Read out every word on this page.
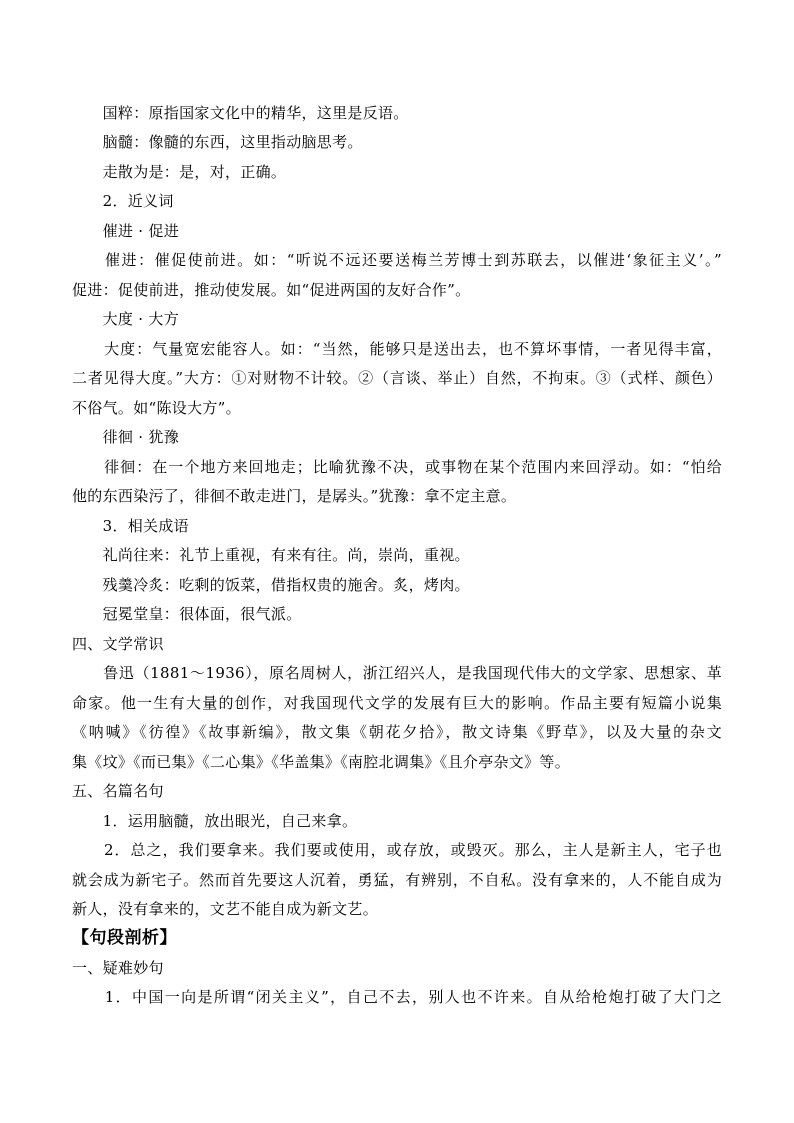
　　国粹：原指国家文化中的精华，这里是反语。
　　脑髓：像髓的东西，这里指动脑思考。
　　走散为是：是，对，正确。
　　2．近义词
　　催进 · 促进
　　催进：催促使前进。如：“听说不远还要送梅兰芳博士到苏联去，以催进‘象征主义’。”
促进：促使前进，推动使发展。如“促进两国的友好合作”。
　　大度 · 大方
　　大度：气量宽宏能容人。如：“当然，能够只是送出去，也不算坏事情，一者见得丰富，
二者见得大度。”大方：①对财物不计较。②（言谈、举止）自然，不拘束。③（式样、颜色）
不俗气。如“陈设大方”。
　　徘徊 · 犹豫
　　徘徊：在一个地方来回地走；比喻犹豫不决，或事物在某个范围内来回浮动。如：“怕给
他的东西染污了，徘徊不敢走进门，是孱头。”犹豫：拿不定主意。
　　3．相关成语
　　礼尚往来：礼节上重视，有来有往。尚，崇尚，重视。
　　残羹冷炙：吃剩的饭菜，借指权贵的施舍。炙，烤肉。
　　冠冕堂皇：很体面，很气派。
四、文学常识
　　鲁迅（1881～1936），原名周树人，浙江绍兴人，是我国现代伟大的文学家、思想家、革
命家。他一生有大量的创作，对我国现代文学的发展有巨大的影响。作品主要有短篇小说集
《呐喊》《彷徨》《故事新编》，散文集《朝花夕拾》，散文诗集《野草》，以及大量的杂文
集《坟》《而已集》《二心集》《华盖集》《南腔北调集》《且介亭杂文》等。
五、名篇名句
　　1．运用脑髓，放出眼光，自己来拿。
　　2．总之，我们要拿来。我们要或使用，或存放，或毁灭。那么，主人是新主人，宅子也
就会成为新宅子。然而首先要这人沉着，勇猛，有辨别，不自私。没有拿来的，人不能自成为
新人，没有拿来的，文艺不能自成为新文艺。
【句段剖析】
一、疑难妙句
　　1．中国一向是所谓“闭关主义”，自己不去，别人也不许来。自从给枪炮打破了大门之
